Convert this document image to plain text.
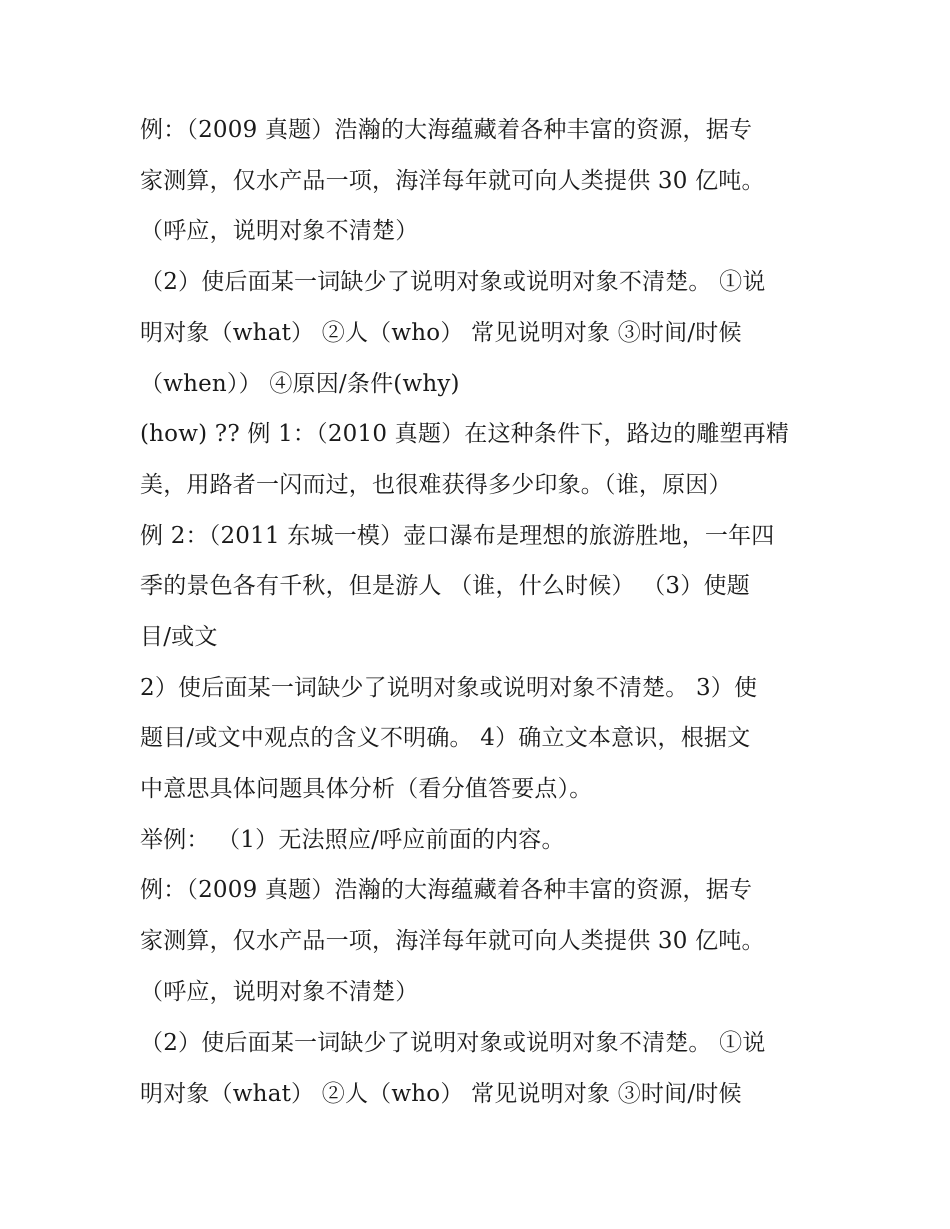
例：（2009 真题）浩瀚的大海蕴藏着各种丰富的资源，据专
家测算，仅水产品一项，海洋每年就可向人类提供 30 亿吨。
（呼应，说明对象不清楚）
（2）使后面某一词缺少了说明对象或说明对象不清楚。 ①说
明对象（what） ②人（who） 常见说明对象 ③时间/时候
（when）） ④原因/条件(why)
(how) ?? 例 1：（2010 真题）在这种条件下，路边的雕塑再精
美，用路者一闪而过，也很难获得多少印象。（谁，原因）
例 2：（2011 东城一模）壶口瀑布是理想的旅游胜地，一年四
季的景色各有千秋，但是游人 （谁，什么时候） （3）使题
目/或文
2）使后面某一词缺少了说明对象或说明对象不清楚。 3）使
题目/或文中观点的含义不明确。 4）确立文本意识，根据文
中意思具体问题具体分析（看分值答要点）。
举例： （1）无法照应/呼应前面的内容。
例：（2009 真题）浩瀚的大海蕴藏着各种丰富的资源，据专
家测算，仅水产品一项，海洋每年就可向人类提供 30 亿吨。
（呼应，说明对象不清楚）
（2）使后面某一词缺少了说明对象或说明对象不清楚。 ①说
明对象（what） ②人（who） 常见说明对象 ③时间/时候
